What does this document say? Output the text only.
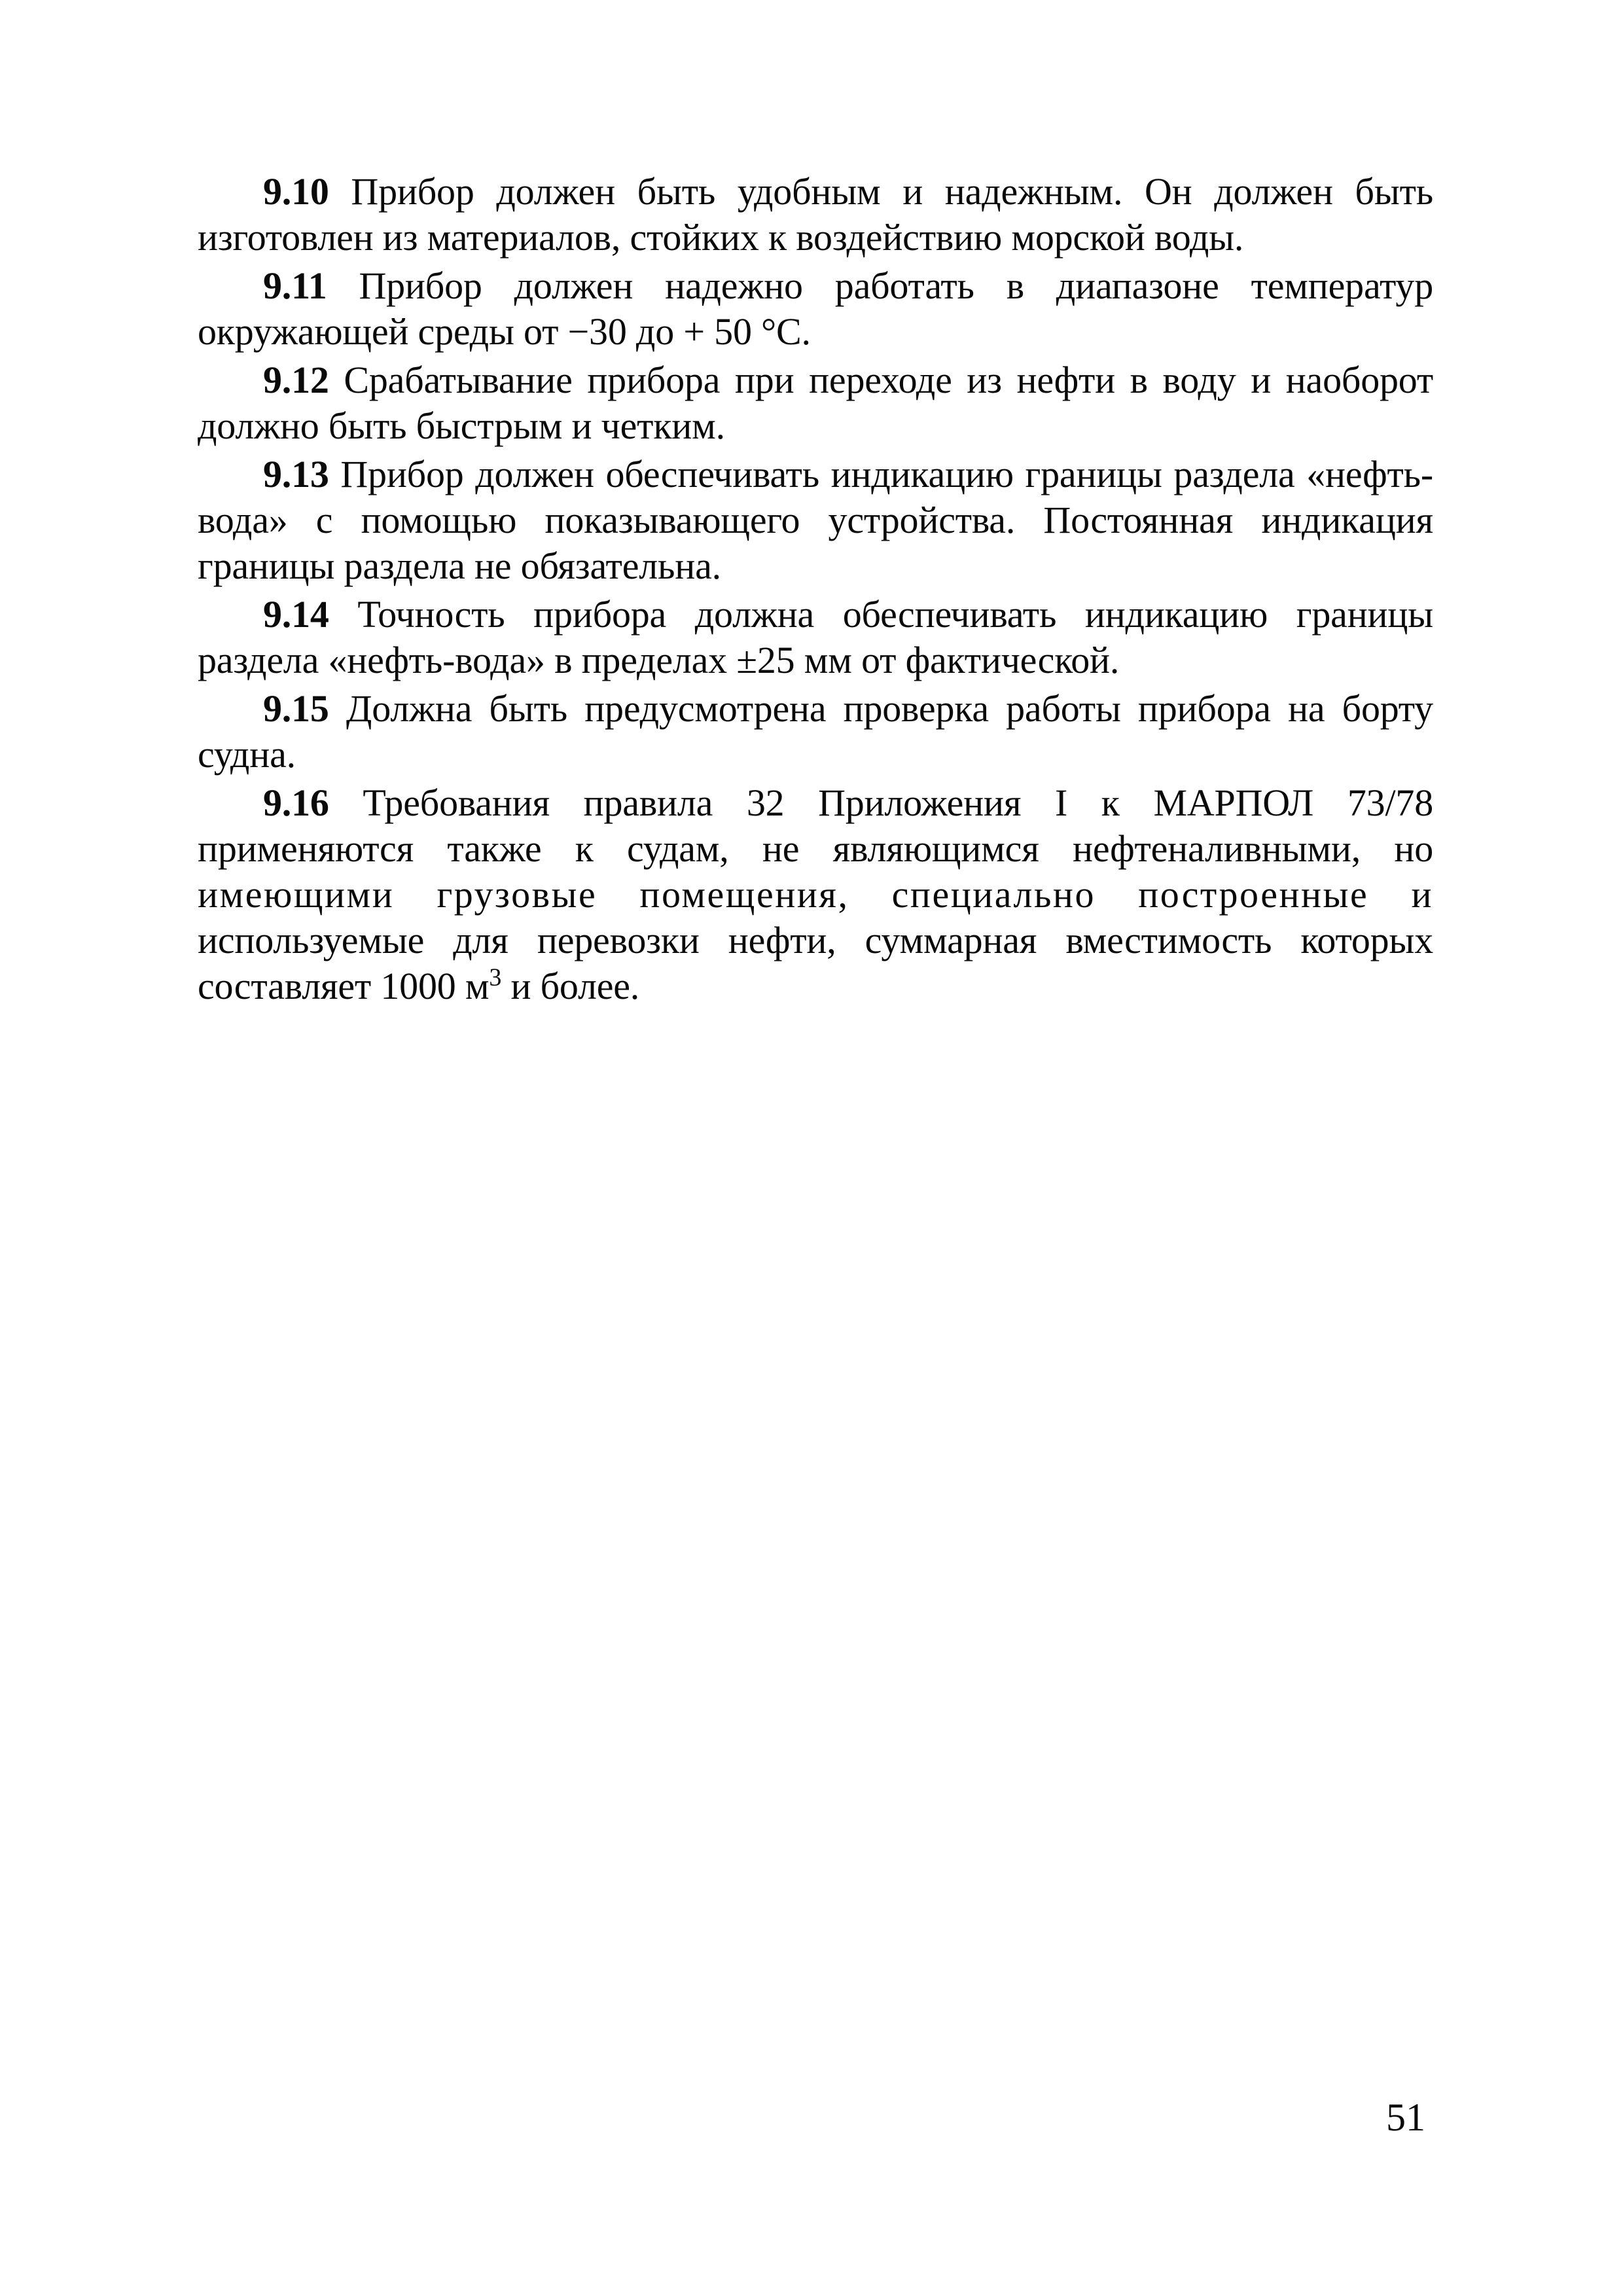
9.10 Прибор должен быть удобным и надежным. Он должен быть изготовлен из материалов, стойких к воздействию морской воды.

9.11 Прибор должен надежно работать в диапазоне температур окружающей среды от −30 до + 50 °С.

9.12 Срабатывание прибора при переходе из нефти в воду и наоборот должно быть быстрым и четким.

9.13 Прибор должен обеспечивать индикацию границы раздела «нефть-вода» с помощью показывающего устройства. Постоянная индикация границы раздела не обязательна.

9.14 Точность прибора должна обеспечивать индикацию границы раздела «нефть-вода» в пределах ±25 мм от фактической.

9.15 Должна быть предусмотрена проверка работы прибора на борту судна.

9.16 Требования правила 32 Приложения I к МАРПОЛ 73/78 применяются также к судам, не являющимся нефтеналивными, но имеющими грузовые помещения, специально построенные и используемые для перевозки нефти, суммарная вместимость которых составляет 1000 $м^3$ и более.

51
